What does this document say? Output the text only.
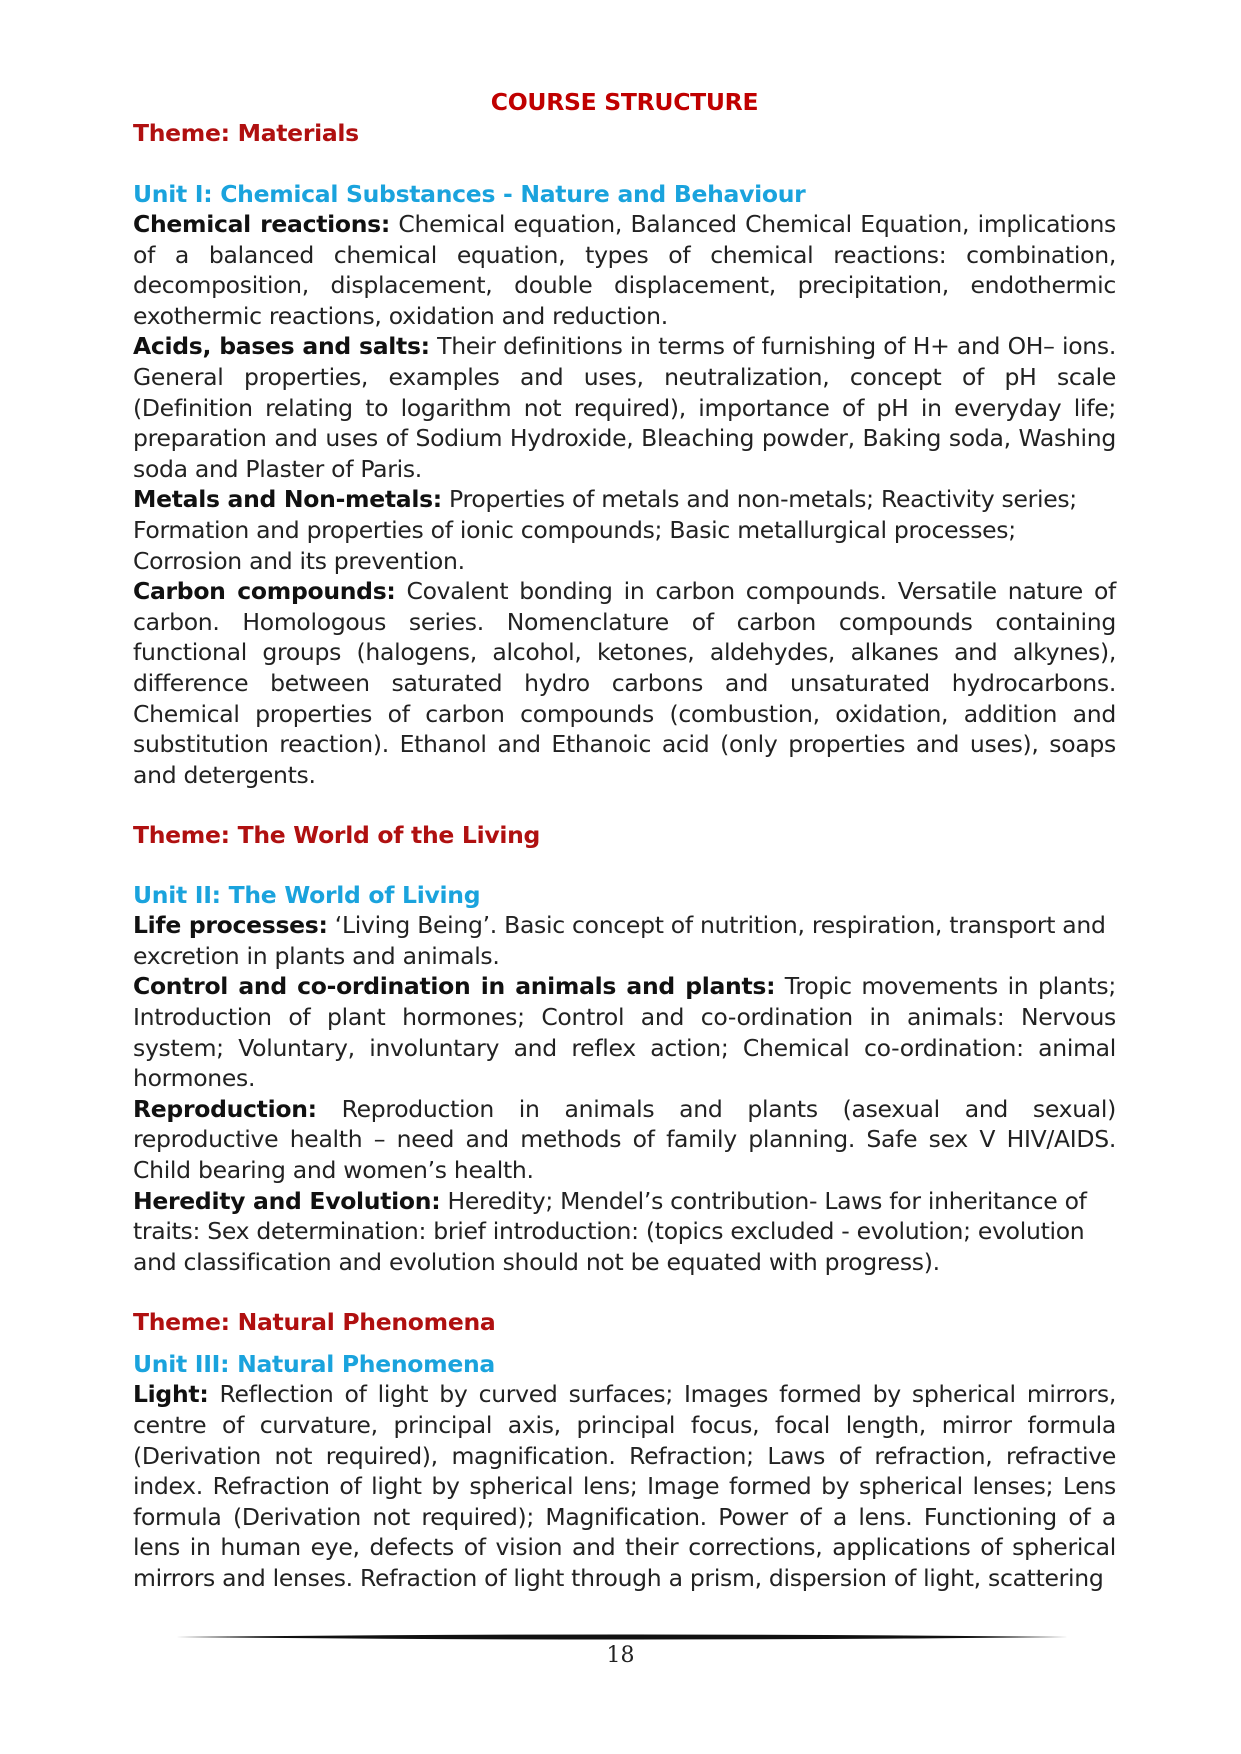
COURSE STRUCTURE

Theme: Materials

Unit I: Chemical Substances - Nature and Behaviour

Chemical reactions: Chemical equation, Balanced Chemical Equation, implications of a balanced chemical equation, types of chemical reactions: combination, decomposition, displacement, double displacement, precipitation, endothermic exothermic reactions, oxidation and reduction.

Acids, bases and salts: Their definitions in terms of furnishing of H+ and OH– ions. General properties, examples and uses, neutralization, concept of pH scale (Definition relating to logarithm not required), importance of pH in everyday life; preparation and uses of Sodium Hydroxide, Bleaching powder, Baking soda, Washing soda and Plaster of Paris.

Metals and Non-metals: Properties of metals and non-metals; Reactivity series; Formation and properties of ionic compounds; Basic metallurgical processes; Corrosion and its prevention.

Carbon compounds: Covalent bonding in carbon compounds. Versatile nature of carbon. Homologous series. Nomenclature of carbon compounds containing functional groups (halogens, alcohol, ketones, aldehydes, alkanes and alkynes), difference between saturated hydro carbons and unsaturated hydrocarbons. Chemical properties of carbon compounds (combustion, oxidation, addition and substitution reaction). Ethanol and Ethanoic acid (only properties and uses), soaps and detergents.

Theme: The World of the Living

Unit II: The World of Living

Life processes: ‘Living Being’. Basic concept of nutrition, respiration, transport and excretion in plants and animals.

Control and co-ordination in animals and plants: Tropic movements in plants; Introduction of plant hormones; Control and co-ordination in animals: Nervous system; Voluntary, involuntary and reflex action; Chemical co-ordination: animal hormones.

Reproduction: Reproduction in animals and plants (asexual and sexual) reproductive health – need and methods of family planning. Safe sex V HIV/AIDS. Child bearing and women’s health.

Heredity and Evolution: Heredity; Mendel’s contribution- Laws for inheritance of traits: Sex determination: brief introduction: (topics excluded - evolution; evolution and classification and evolution should not be equated with progress).

Theme: Natural Phenomena

Unit III: Natural Phenomena

Light: Reflection of light by curved surfaces; Images formed by spherical mirrors, centre of curvature, principal axis, principal focus, focal length, mirror formula (Derivation not required), magnification. Refraction; Laws of refraction, refractive index. Refraction of light by spherical lens; Image formed by spherical lenses; Lens formula (Derivation not required); Magnification. Power of a lens. Functioning of a lens in human eye, defects of vision and their corrections, applications of spherical mirrors and lenses. Refraction of light through a prism, dispersion of light, scattering

18
